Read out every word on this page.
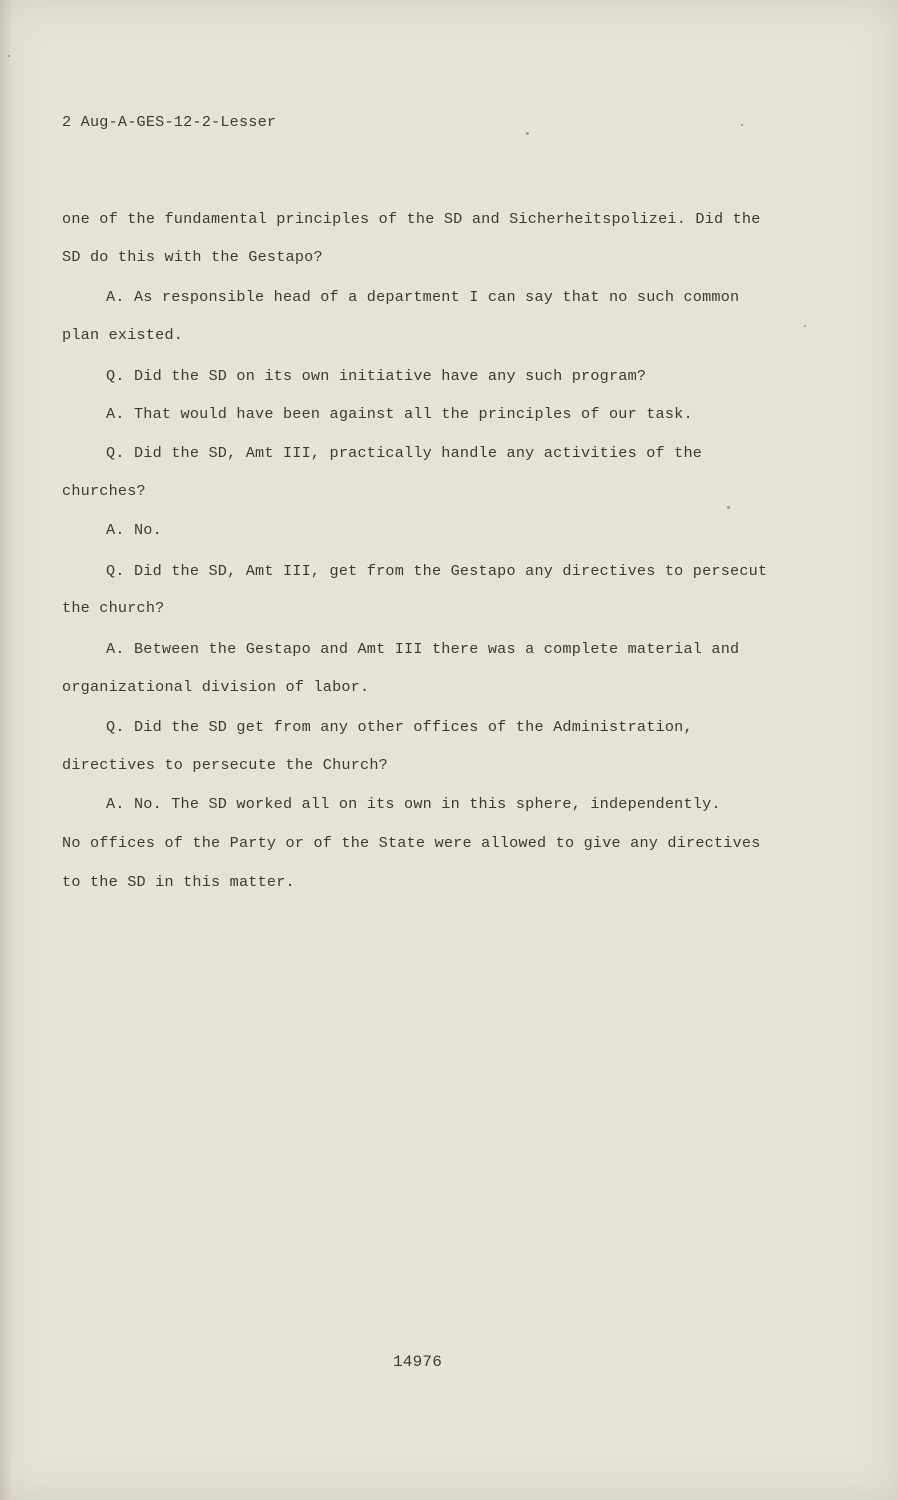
2 Aug-A-GES-12-2-Lesser
one of the fundamental principles of the SD and Sicherheitspolizei. Did the
SD do this with the Gestapo?
A. As responsible head of a department I can say that no such common
plan existed.
Q. Did the SD on its own initiative have any such program?
A. That would have been against all the principles of our task.
Q. Did the SD, Amt III, practically handle any activities of the
churches?
A. No.
Q. Did the SD, Amt III, get from the Gestapo any directives to persecut
the church?
A. Between the Gestapo and Amt III there was a complete material and
organizational division of labor.
Q. Did the SD get from any other offices of the Administration,
directives to persecute the Church?
A. No. The SD worked all on its own in this sphere, independently.
No offices of the Party or of the State were allowed to give any directives
to the SD in this matter.
14976
